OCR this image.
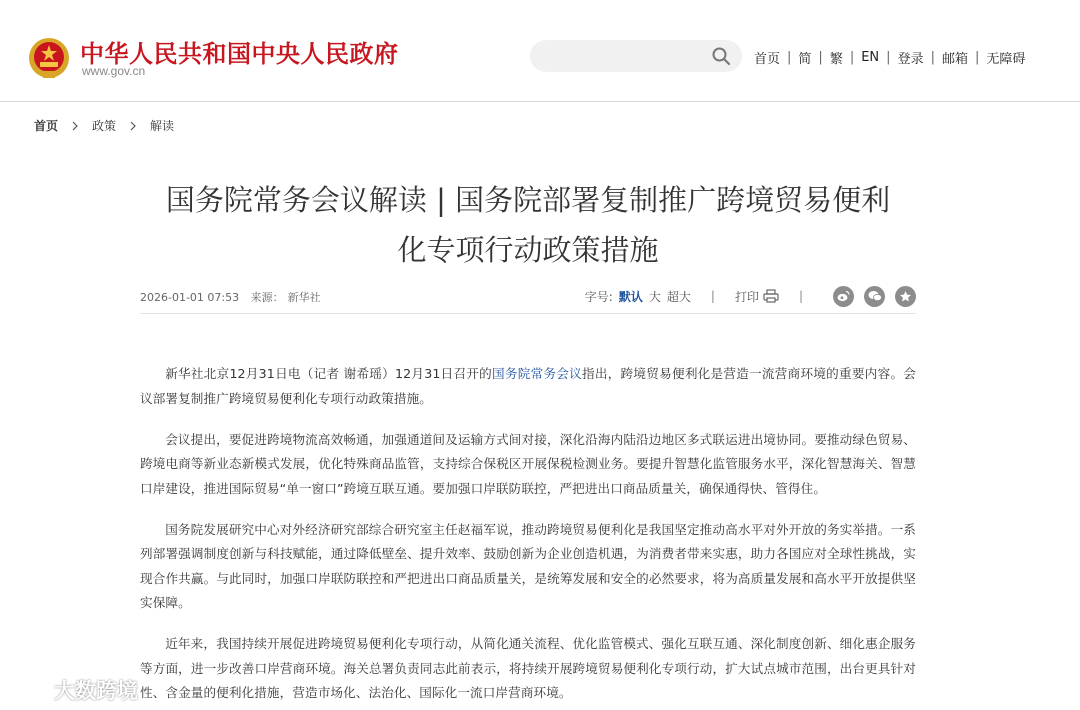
中华人民共和国中央人民政府
www.gov.cn
首页 | 简 | 繁 | EN | 登录 | 邮箱 | 无障碍
首页	政策	解读
国务院常务会议解读 | 国务院部署复制推广跨境贸易便利
化专项行动政策措施
2026-01-01 07:53 来源： 新华社	字号: 默认 大 超大 | 打印	|

新华社北京12月31日电（记者 谢希瑶）12月31日召开的国务院常务会议指出，跨境贸易便利化是营造一流营商环境的重要内容。会议部署复制推广跨境贸易便利化专项行动政策措施。

会议提出，要促进跨境物流高效畅通，加强通道间及运输方式间对接，深化沿海内陆沿边地区多式联运进出境协同。要推动绿色贸易、跨境电商等新业态新模式发展，优化特殊商品监管，支持综合保税区开展保税检测业务。要提升智慧化监管服务水平，深化智慧海关、智慧口岸建设，推进国际贸易“单一窗口”跨境互联互通。要加强口岸联防联控，严把进出口商品质量关，确保通得快、管得住。

国务院发展研究中心对外经济研究部综合研究室主任赵福军说，推动跨境贸易便利化是我国坚定推动高水平对外开放的务实举措。一系列部署强调制度创新与科技赋能，通过降低壁垒、提升效率、鼓励创新为企业创造机遇，为消费者带来实惠，助力各国应对全球性挑战，实现合作共赢。与此同时，加强口岸联防联控和严把进出口商品质量关，是统筹发展和安全的必然要求，将为高质量发展和高水平开放提供坚实保障。

近年来，我国持续开展促进跨境贸易便利化专项行动，从简化通关流程、优化监管模式、强化互联互通、深化制度创新、细化惠企服务等方面，进一步改善口岸营商环境。海关总署负责同志此前表示，将持续开展跨境贸易便利化专项行动，扩大试点城市范围，出台更具针对性、含金量的便利化措施，营造市场化、法治化、国际化一流口岸营商环境。

大数跨境
